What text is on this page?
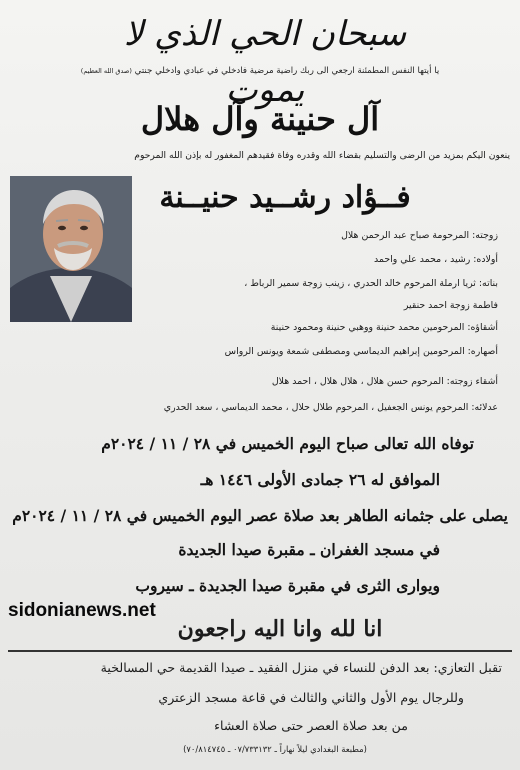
سبحان الحي الذي لا يموت
يا أيتها النفس المطمئنة ارجعي الى ربك راضية مرضية فادخلي في عبادي وادخلي جنتي (صدق الله العظيم)
آل حنينة وآل هلال
ينعون اليكم بمزيد من الرضى والتسليم بقضاء الله وقدره وفاة فقيدهم المغفور له بإذن الله المرحوم
فــؤاد رشــيد حنيــنة
زوجته: المرحومة صباح عبد الرحمن هلال
أولاده: رشيد ، محمد علي واحمد
بناته: ثريا ارملة المرحوم خالد الحدري ، زينب زوجة سمير الرباط ،
فاطمة زوجة احمد حنقير
أشقاؤه: المرحومين محمد حنينة ووهبي حنينة ومحمود حنينة
أصهاره: المرحومين إبراهيم الديماسي ومصطفى شمعة ويونس الرواس
أشقاء زوجته: المرحوم حسن هلال ، هلال هلال ، احمد هلال
عدلائه: المرحوم يونس الجعفيل ، المرحوم طلال حلال ، محمد الديماسي ، سعد الحدري
توفاه الله تعالى صباح اليوم الخميس في ٢٨ / ١١ / ٢٠٢٤م
الموافق له ٢٦ جمادى الأولى ١٤٤٦ هـ
يصلى على جثمانه الطاهر بعد صلاة عصر اليوم الخميس في ٢٨ / ١١ / ٢٠٢٤م
في مسجد الغفران ـ مقبرة صيدا الجديدة
ويوارى الثرى في مقبرة صيدا الجديدة ـ سيروب
sidonianews.net
انا لله وانا اليه راجعون
تقبل التعازي: بعد الدفن للنساء في منزل الفقيد ـ صيدا القديمة حي المسالخية
وللرجال يوم الأول والثاني والثالث في قاعة مسجد الزعتري
من بعد صلاة العصر حتى صلاة العشاء
(مطبعة البغدادي ليلاً نهاراً ـ ٠٧/٧٣٣١٣٢ ـ ٧٠/٨١٤٧٤٥)
